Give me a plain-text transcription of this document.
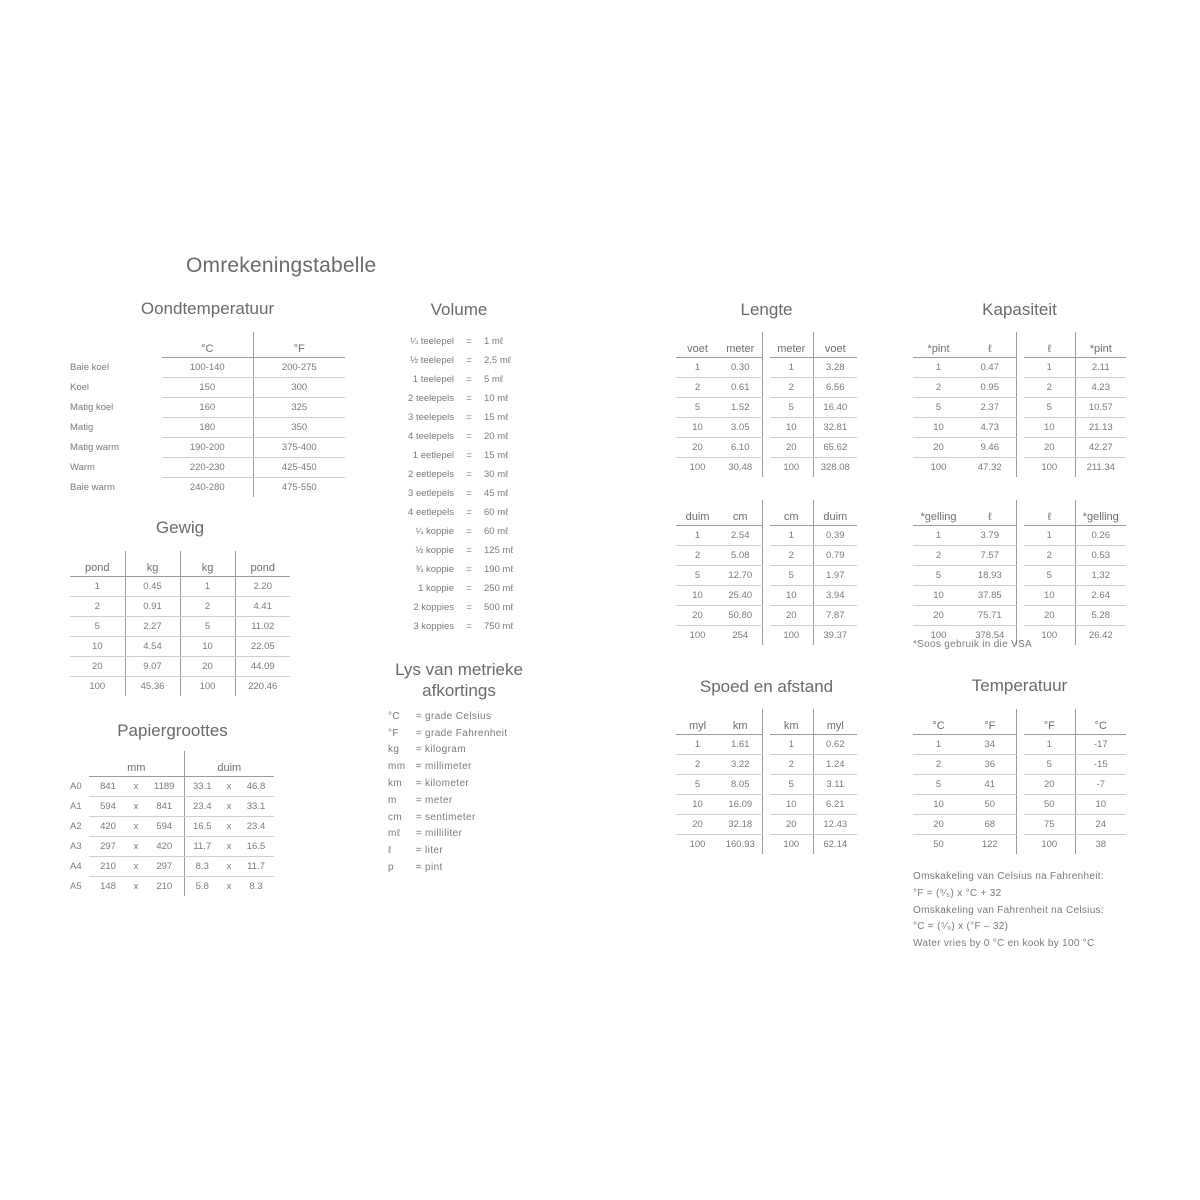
Omrekeningstabelle
Oondtemperatuur
	°C	°F
Baie koel	100-140	200-275
Koel	150	300
Matig koel	160	325
Matig	180	350
Matig warm	190-200	375-400
Warm	220-230	425-450
Baie warm	240-280	475-550
Gewig
pond	kg	kg	pond
1	0.45	1	2.20
2	0.91	2	4.41
5	2.27	5	11.02
10	4.54	10	22.05
20	9.07	20	44.09
100	45.36	100	220.46
Papiergroottes
	mm			duim		
A0	841	x	1189	33.1	x	46.8
A1	594	x	841	23.4	x	33.1
A2	420	x	594	16.5	x	23.4
A3	297	x	420	11.7	x	16.5
A4	210	x	297	8.3	x	11.7
A5	148	x	210	5.8	x	8.3
Volume
¼ teelepel	=	1 mℓ
½ teelepel	=	2,5 mℓ
1 teelepel	=	5 mℓ
2 teelepels	=	10 mℓ
3 teelepels	=	15 mℓ
4 teelepels	=	20 mℓ
1 eetlepel	=	15 mℓ
2 eetlepels	=	30 mℓ
3 eetlepels	=	45 mℓ
4 eetlepels	=	60 mℓ
¼ koppie	=	60 mℓ
½ koppie	=	125 mℓ
¾ koppie	=	190 mℓ
1 koppie	=	250 mℓ
2 koppies	=	500 mℓ
3 koppies	=	750 mℓ
Lys van metrieke
afkortings
°C	=	grade Celsius
°F	=	grade Fahrenheit
kg	=	kilogram
mm	=	millimeter
km	=	kilometer
m	=	meter
cm	=	sentimeter
mℓ	=	milliliter
ℓ	=	liter
p	=	pint
Lengte
voet	meter		meter	voet
1	0.30		1	3.28
2	0.61		2	6.56
5	1.52		5	16.40
10	3.05		10	32.81
20	6.10		20	65.62
100	30.48		100	328.08
duim	cm		cm	duim
1	2.54		1	0.39
2	5.08		2	0.79
5	12.70		5	1.97
10	25.40		10	3.94
20	50.80		20	7.87
100	254		100	39.37
Spoed en afstand
myl	km		km	myl
1	1.61		1	0.62
2	3.22		2	1.24
5	8.05		5	3.11
10	16.09		10	6.21
20	32.18		20	12.43
100	160.93		100	62.14
Kapasiteit
*pint	ℓ		ℓ	*pint
1	0.47		1	2.11
2	0.95		2	4.23
5	2.37		5	10.57
10	4.73		10	21.13
20	9.46		20	42.27
100	47.32		100	211.34
*gelling	ℓ		ℓ	*gelling
1	3.79		1	0.26
2	7.57		2	0.53
5	18.93		5	1.32
10	37.85		10	2.64
20	75.71		20	5.28
100	378.54		100	26.42
*Soos gebruik in die VSA
Temperatuur
°C	°F		°F	°C
1	34		1	-17
2	36		5	-15
5	41		20	-7
10	50		50	10
20	68		75	24
50	122		100	38
Omskakeling van Celsius na Fahrenheit:
°F = (⁹⁄₅) x °C + 32
Omskakeling van Fahrenheit na Celsius:
°C = (⁵⁄₉) x (°F – 32)
Water vries by 0 °C en kook by 100 °C
